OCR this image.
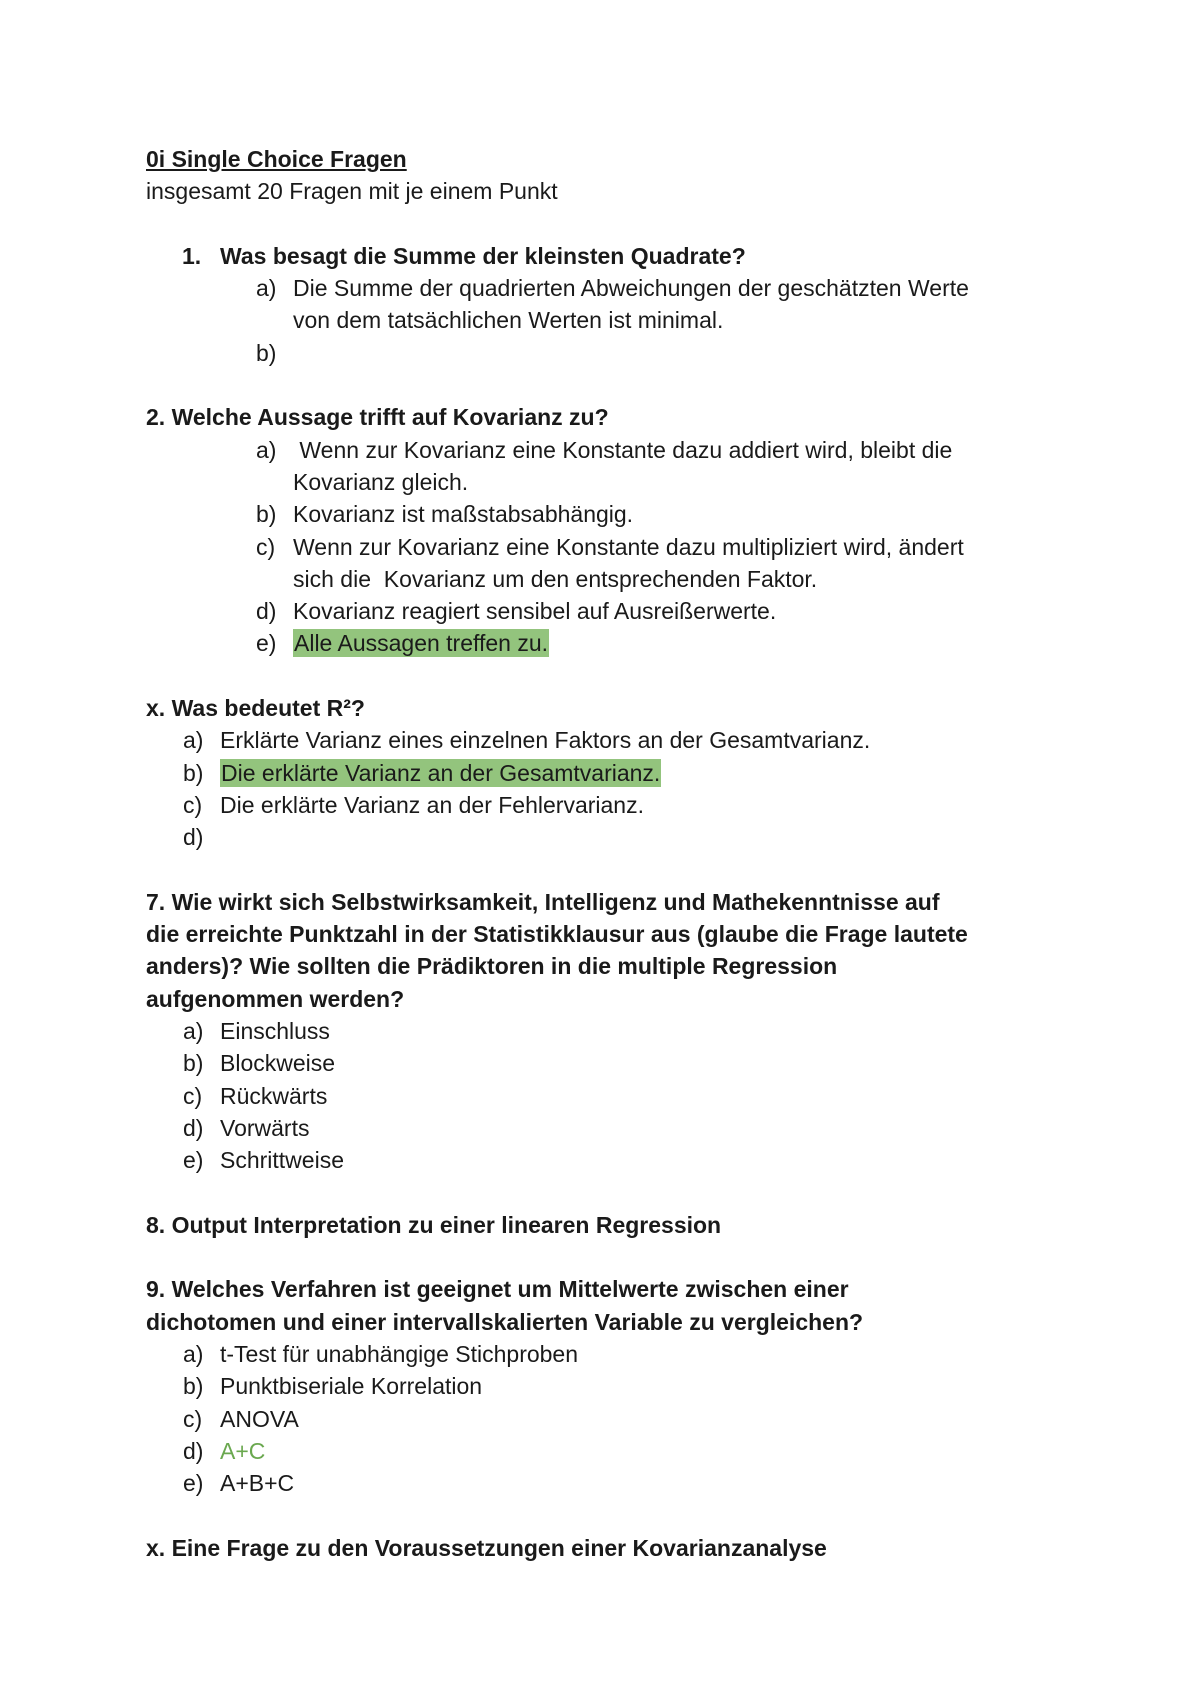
0i Single Choice Fragen
insgesamt 20 Fragen mit je einem Punkt
1. Was besagt die Summe der kleinsten Quadrate?
a) Die Summe der quadrierten Abweichungen der geschätzten Werte
von dem tatsächlichen Werten ist minimal.
b)
2. Welche Aussage trifft auf Kovarianz zu?
a) Wenn zur Kovarianz eine Konstante dazu addiert wird, bleibt die
Kovarianz gleich.
b) Kovarianz ist maßstabsabhängig.
c) Wenn zur Kovarianz eine Konstante dazu multipliziert wird, ändert
sich die  Kovarianz um den entsprechenden Faktor.
d) Kovarianz reagiert sensibel auf Ausreißerwerte.
e) Alle Aussagen treffen zu.
x. Was bedeutet R²?
a) Erklärte Varianz eines einzelnen Faktors an der Gesamtvarianz.
b) Die erklärte Varianz an der Gesamtvarianz.
c) Die erklärte Varianz an der Fehlervarianz.
d)
7. Wie wirkt sich Selbstwirksamkeit, Intelligenz und Mathekenntnisse auf
die erreichte Punktzahl in der Statistikklausur aus (glaube die Frage lautete
anders)? Wie sollten die Prädiktoren in die multiple Regression
aufgenommen werden?
a) Einschluss
b) Blockweise
c) Rückwärts
d) Vorwärts
e) Schrittweise
8. Output Interpretation zu einer linearen Regression
9. Welches Verfahren ist geeignet um Mittelwerte zwischen einer
dichotomen und einer intervallskalierten Variable zu vergleichen?
a) t-Test für unabhängige Stichproben
b) Punktbiseriale Korrelation
c) ANOVA
d) A+C
e) A+B+C
x. Eine Frage zu den Voraussetzungen einer Kovarianzanalyse
